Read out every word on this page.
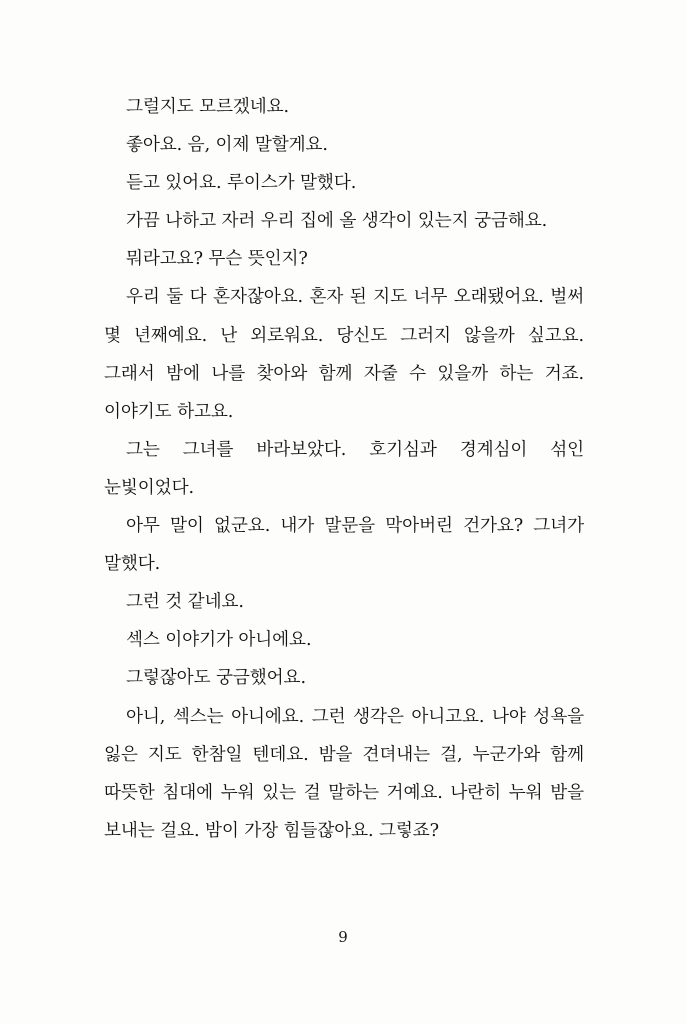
그럴지도 모르겠네요.

좋아요. 음, 이제 말할게요.

듣고 있어요. 루이스가 말했다.

가끔 나하고 자러 우리 집에 올 생각이 있는지 궁금해요.

뭐라고요? 무슨 뜻인지?

우리 둘 다 혼자잖아요. 혼자 된 지도 너무 오래됐어요. 벌써 몇 년째예요. 난 외로워요. 당신도 그러지 않을까 싶고요. 그래서 밤에 나를 찾아와 함께 자줄 수 있을까 하는 거죠. 이야기도 하고요.

그는 그녀를 바라보았다. 호기심과 경계심이 섞인 눈빛이었다.

아무 말이 없군요. 내가 말문을 막아버린 건가요? 그녀가 말했다.

그런 것 같네요.

섹스 이야기가 아니에요.

그렇잖아도 궁금했어요.

아니, 섹스는 아니에요. 그런 생각은 아니고요. 나야 성욕을 잃은 지도 한참일 텐데요. 밤을 견뎌내는 걸, 누군가와 함께 따뜻한 침대에 누워 있는 걸 말하는 거예요. 나란히 누워 밤을 보내는 걸요. 밤이 가장 힘들잖아요. 그렇죠?

9
